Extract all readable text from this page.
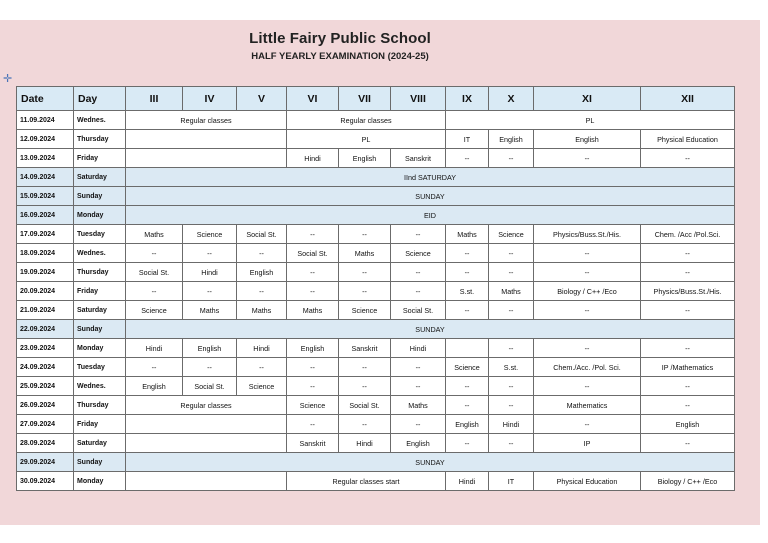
Little Fairy Public School
HALF YEARLY EXAMINATION (2024-25)
✛
Date	Day	III	IV	V	VI	VII	VIII	IX	X	XI	XII
11.09.2024	Wednes.	Regular classes			Regular classes			PL			
12.09.2024	Thursday				PL			IT	English	English	Physical Education
13.09.2024	Friday				Hindi	English	Sanskrit	--	--	--	--
14.09.2024	Saturday	IInd SATURDAY									
15.09.2024	Sunday	SUNDAY									
16.09.2024	Monday	EID									
17.09.2024	Tuesday	Maths	Science	Social St.	--	--	--	Maths	Science	Physics/Buss.St./His.	Chem. /Acc /Pol.Sci.
18.09.2024	Wednes.	--	--	--	Social St.	Maths	Science	--	--	--	--
19.09.2024	Thursday	Social St.	Hindi	English	--	--	--	--	--	--	--
20.09.2024	Friday	--	--	--	--	--	--	S.st.	Maths	Biology / C++ /Eco	Physics/Buss.St./His.
21.09.2024	Saturday	Science	Maths	Maths	Maths	Science	Social St.	--	--	--	--
22.09.2024	Sunday	SUNDAY									
23.09.2024	Monday	Hindi	English	Hindi	English	Sanskrit	Hindi		--	--	--
24.09.2024	Tuesday	--	--	--	--	--	--	Science	S.st.	Chem./Acc. /Pol. Sci.	IP /Mathematics
25.09.2024	Wednes.	English	Social St.	Science	--	--	--	--	--	--	--
26.09.2024	Thursday	Regular classes			Science	Social St.	Maths	--	--	Mathematics	--
27.09.2024	Friday				--	--	--	English	Hindi	--	English
28.09.2024	Saturday				Sanskrit	Hindi	English	--	--	IP	--
29.09.2024	Sunday	SUNDAY									
30.09.2024	Monday				Regular classes start			Hindi	IT	Physical Education	Biology / C++ /Eco
